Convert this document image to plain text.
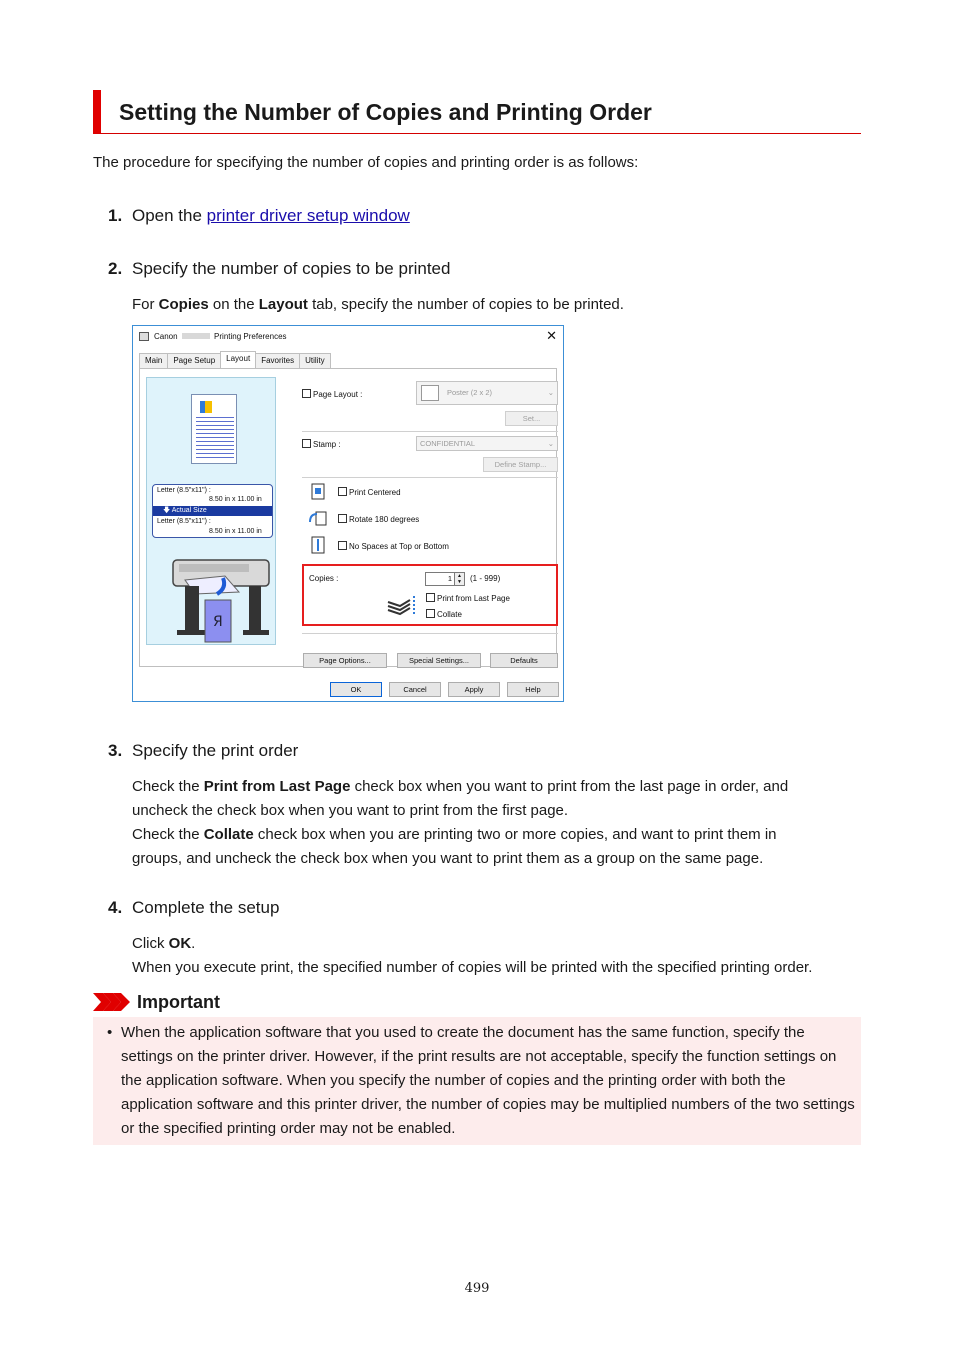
Setting the Number of Copies and Printing Order
The procedure for specifying the number of copies and printing order is as follows:
1. Open the printer driver setup window
2. Specify the number of copies to be printed
For Copies on the Layout tab, specify the number of copies to be printed.
Canon	Printing Preferences	✕
Main	Page Setup	Layout	Favorites	Utility
Letter (8.5"x11") :
8.50 in x 11.00 in
🡇 Actual Size
Letter (8.5"x11") :
8.50 in x 11.00 in
Я
Page Layout :	Poster (2 x 2)	⌄
Set...
Stamp :	CONFIDENTIAL	⌄
Define Stamp...
Print Centered
Rotate 180 degrees
No Spaces at Top or Bottom
Copies :	1	▲
▼ (1 - 999)
Print from Last Page
Collate
Page Options...	Special Settings...	Defaults
OK	Cancel	Apply	Help
3. Specify the print order
Check the Print from Last Page check box when you want to print from the last page in order, and
uncheck the check box when you want to print from the first page.
Check the Collate check box when you are printing two or more copies, and want to print them in
groups, and uncheck the check box when you want to print them as a group on the same page.
4. Complete the setup
Click OK.
When you execute print, the specified number of copies will be printed with the specified printing order.
Important
• When the application software that you used to create the document has the same function, specify the settings on the printer driver. However, if the print results are not acceptable, specify the function settings on the application software. When you specify the number of copies and the printing order with both the application software and this printer driver, the number of copies may be multiplied numbers of the two settings or the specified printing order may not be enabled.
499
